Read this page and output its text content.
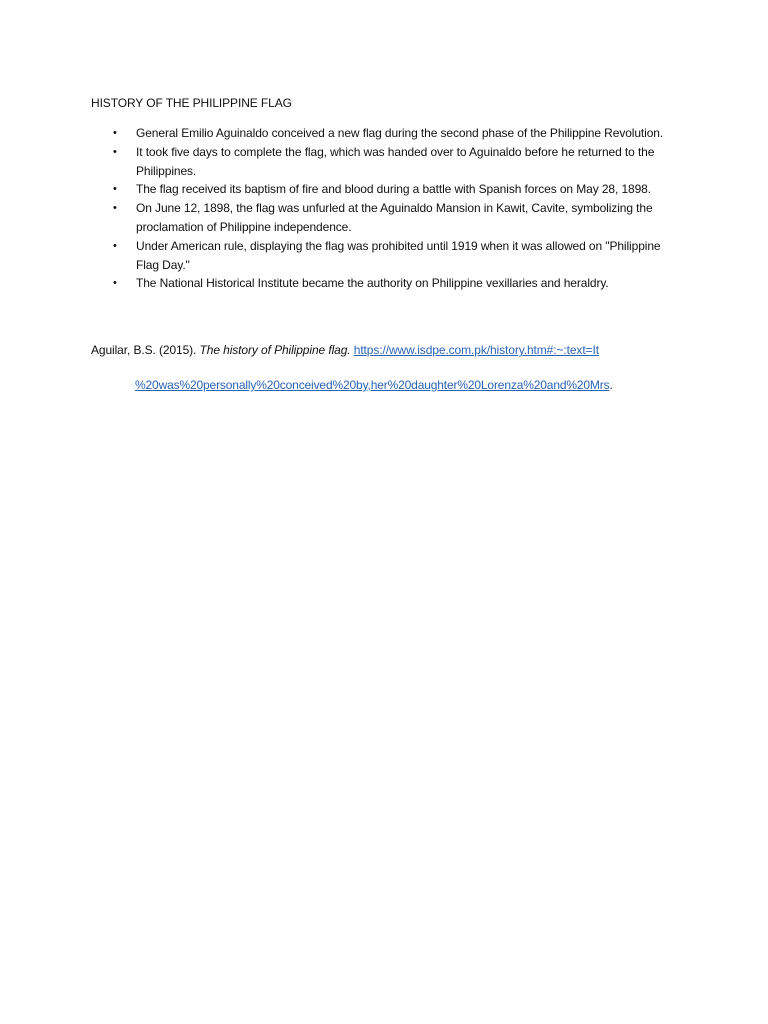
HISTORY OF THE PHILIPPINE FLAG
• General Emilio Aguinaldo conceived a new flag during the second phase of the Philippine Revolution.
• It took five days to complete the flag, which was handed over to Aguinaldo before he returned to the Philippines.
• The flag received its baptism of fire and blood during a battle with Spanish forces on May 28, 1898.
• On June 12, 1898, the flag was unfurled at the Aguinaldo Mansion in Kawit, Cavite, symbolizing the proclamation of Philippine independence.
• Under American rule, displaying the flag was prohibited until 1919 when it was allowed on "Philippine Flag Day."
• The National Historical Institute became the authority on Philippine vexillaries and heraldry.
Aguilar, B.S. (2015). The history of Philippine flag. https://www.isdpe.com.pk/history.htm#:~:text=It
%20was%20personally%20conceived%20by,her%20daughter%20Lorenza%20and%20Mrs.
